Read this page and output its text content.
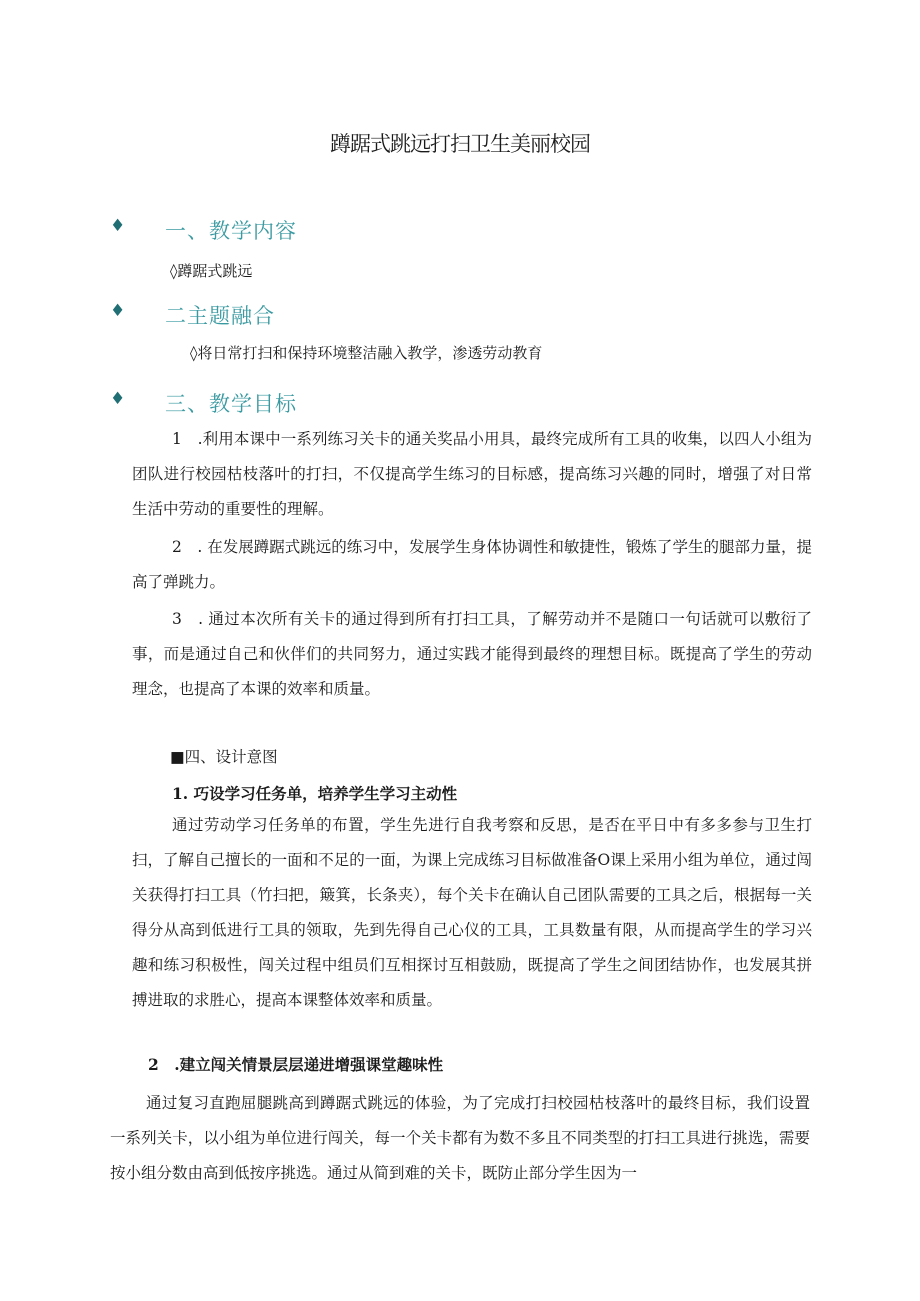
蹲踞式跳远打扫卫生美丽校园
♦ 一、教学内容
◊蹲踞式跳远
♦ 二主题融合
◊将日常打扫和保持环境整洁融入教学，渗透劳动教育
♦ 三、教学目标
1　.利用本课中一系列练习关卡的通关奖品小用具，最终完成所有工具的收集，以四人小组为团队进行校园枯枝落叶的打扫，不仅提高学生练习的目标感，提高练习兴趣的同时，增强了对日常生活中劳动的重要性的理解。
2　. 在发展蹲踞式跳远的练习中，发展学生身体协调性和敏捷性，锻炼了学生的腿部力量，提高了弹跳力。
3　. 通过本次所有关卡的通过得到所有打扫工具，了解劳动并不是随口一句话就可以敷衍了事，而是通过自己和伙伴们的共同努力，通过实践才能得到最终的理想目标。既提高了学生的劳动理念，也提高了本课的效率和质量。
■四、设计意图
1. 巧设学习任务单，培养学生学习主动性
通过劳动学习任务单的布置，学生先进行自我考察和反思，是否在平日中有多多参与卫生打扫，了解自己擅长的一面和不足的一面，为课上完成练习目标做准备O课上采用小组为单位，通过闯关获得打扫工具（竹扫把，簸箕，长条夹），每个关卡在确认自己团队需要的工具之后，根据每一关得分从高到低进行工具的领取，先到先得自己心仪的工具，工具数量有限，从而提高学生的学习兴趣和练习积极性，闯关过程中组员们互相探讨互相鼓励，既提高了学生之间团结协作，也发展其拼搏进取的求胜心，提高本课整体效率和质量。
2　.建立闯关情景层层递进增强课堂趣味性
通过复习直跑屈腿跳高到蹲踞式跳远的体验，为了完成打扫校园枯枝落叶的最终目标，我们设置一系列关卡，以小组为单位进行闯关，每一个关卡都有为数不多且不同类型的打扫工具进行挑选，需要按小组分数由高到低按序挑选。通过从简到难的关卡，既防止部分学生因为一
